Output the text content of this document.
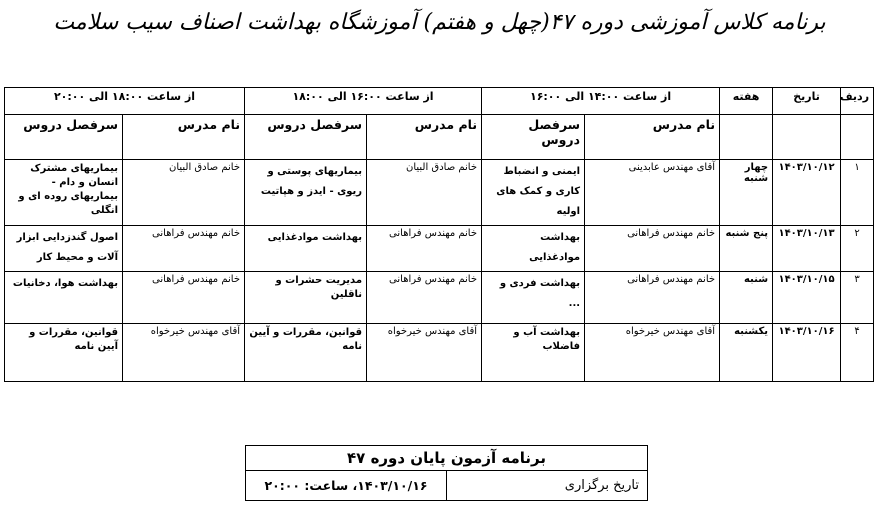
برنامه کلاس آموزشی دوره ۴۷(چهل و هفتم) آموزشگاه بهداشت اصناف سیب سلامت
ردیف	تاریخ	هفته	از ساعت ۱۴:۰۰ الی ۱۶:۰۰		از ساعت ۱۶:۰۰ الی ۱۸:۰۰		از ساعت ۱۸:۰۰ الی ۲۰:۰۰	
			نام مدرس	سرفصل دروس	نام مدرس	سرفصل دروس	نام مدرس	سرفصل دروس
۱	۱۴۰۳/۱۰/۱۲	چهار شنبه	آقای مهندس عابدینی	ایمنی و انضباط کاری و کمک های اولیه	خانم صادق البیان	بیماریهای پوستی و ریوی - ایدز و هپاتیت	خانم صادق البیان	بیماریهای مشترک انسان و دام - بیماریهای روده ای و انگلی
۲	۱۴۰۳/۱۰/۱۳	پنج شنبه	خانم مهندس فراهانی	بهداشت موادغذایی	خانم مهندس فراهانی	بهداشت موادغذایی	خانم مهندس فراهانی	اصول گندزدایی ابزار آلات و محیط کار
۳	۱۴۰۳/۱۰/۱۵	شنبه	خانم مهندس فراهانی	بهداشت فردی و ...	خانم مهندس فراهانی	مدیریت حشرات و ناقلین	خانم مهندس فراهانی	بهداشت هوا، دخانیات
۴	۱۴۰۳/۱۰/۱۶	یکشنبه	آقای مهندس خیرخواه	بهداشت آب و فاضلاب	آقای مهندس خیرخواه	قوانین، مقررات و آیین نامه	آقای مهندس خیرخواه	قوانین، مقررات و آیین نامه
برنامه آزمون پایان دوره ۴۷
تاریخ برگزاری	۱۴۰۳/۱۰/۱۶، ساعت: ۲۰:۰۰
